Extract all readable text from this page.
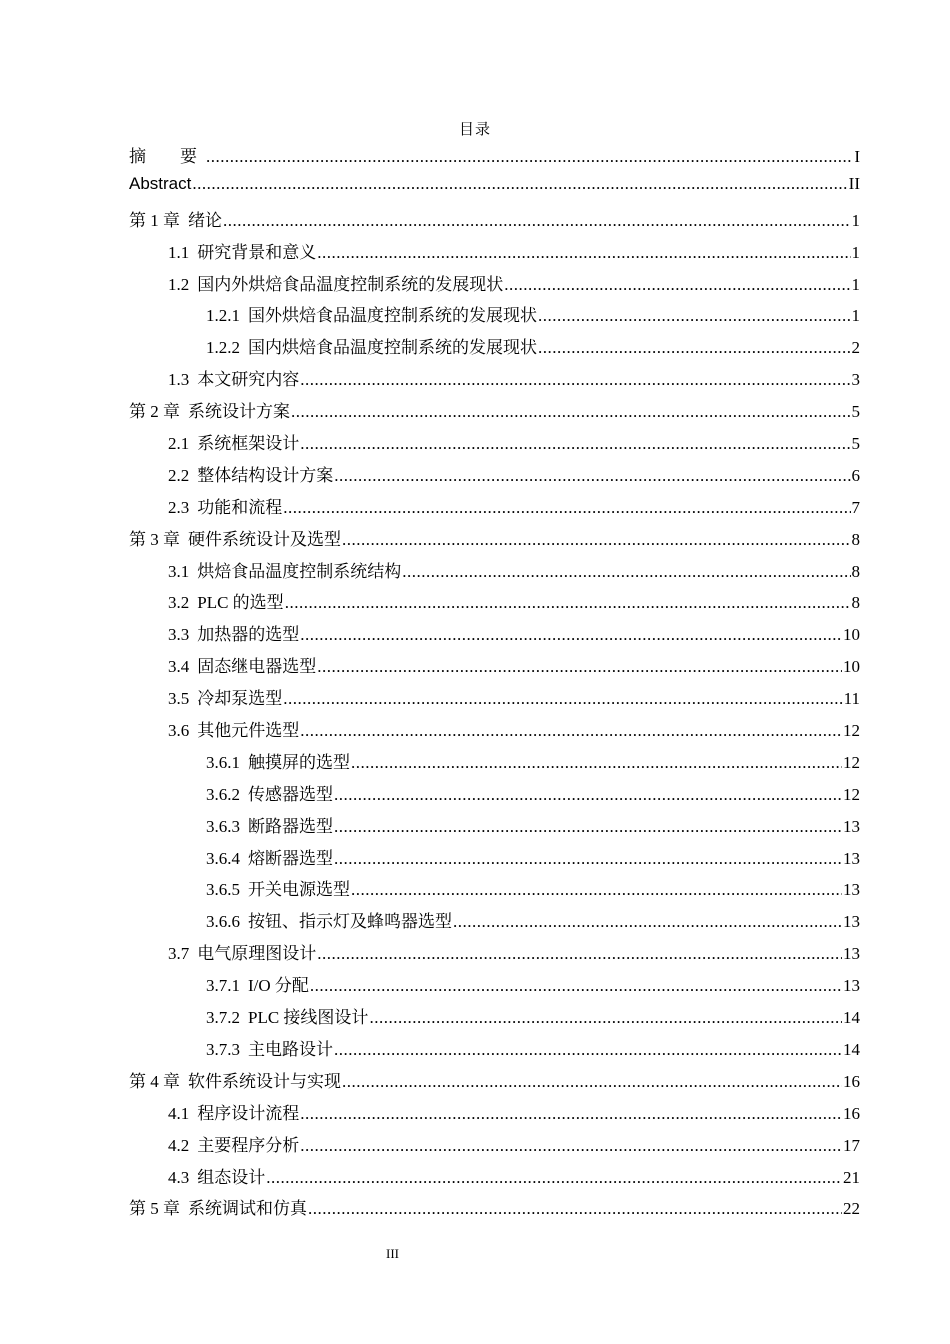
目录
摘　　要 .....	I
Abstract .....	II
第 1 章 绪论 .....	1
1.1 研究背景和意义 .....	1
1.2 国内外烘焙食品温度控制系统的发展现状 .....	1
1.2.1 国外烘焙食品温度控制系统的发展现状 .....	1
1.2.2 国内烘焙食品温度控制系统的发展现状 .....	2
1.3 本文研究内容 .....	3
第 2 章 系统设计方案 .....	5
2.1 系统框架设计 .....	5
2.2 整体结构设计方案 .....	6
2.3 功能和流程 .....	7
第 3 章 硬件系统设计及选型 .....	8
3.1 烘焙食品温度控制系统结构 .....	8
3.2 PLC 的选型 .....	8
3.3 加热器的选型 .....	10
3.4 固态继电器选型 .....	10
3.5 冷却泵选型 .....	11
3.6 其他元件选型 .....	12
3.6.1 触摸屏的选型 .....	12
3.6.2 传感器选型 .....	12
3.6.3 断路器选型 .....	13
3.6.4 熔断器选型 .....	13
3.6.5 开关电源选型 .....	13
3.6.6 按钮、指示灯及蜂鸣器选型 .....	13
3.7 电气原理图设计 .....	13
3.7.1 I/O 分配 .....	13
3.7.2 PLC 接线图设计 .....	14
3.7.3 主电路设计 .....	14
第 4 章 软件系统设计与实现 .....	16
4.1 程序设计流程 .....	16
4.2 主要程序分析 .....	17
4.3 组态设计 .....	21
第 5 章 系统调试和仿真 .....	22
III
